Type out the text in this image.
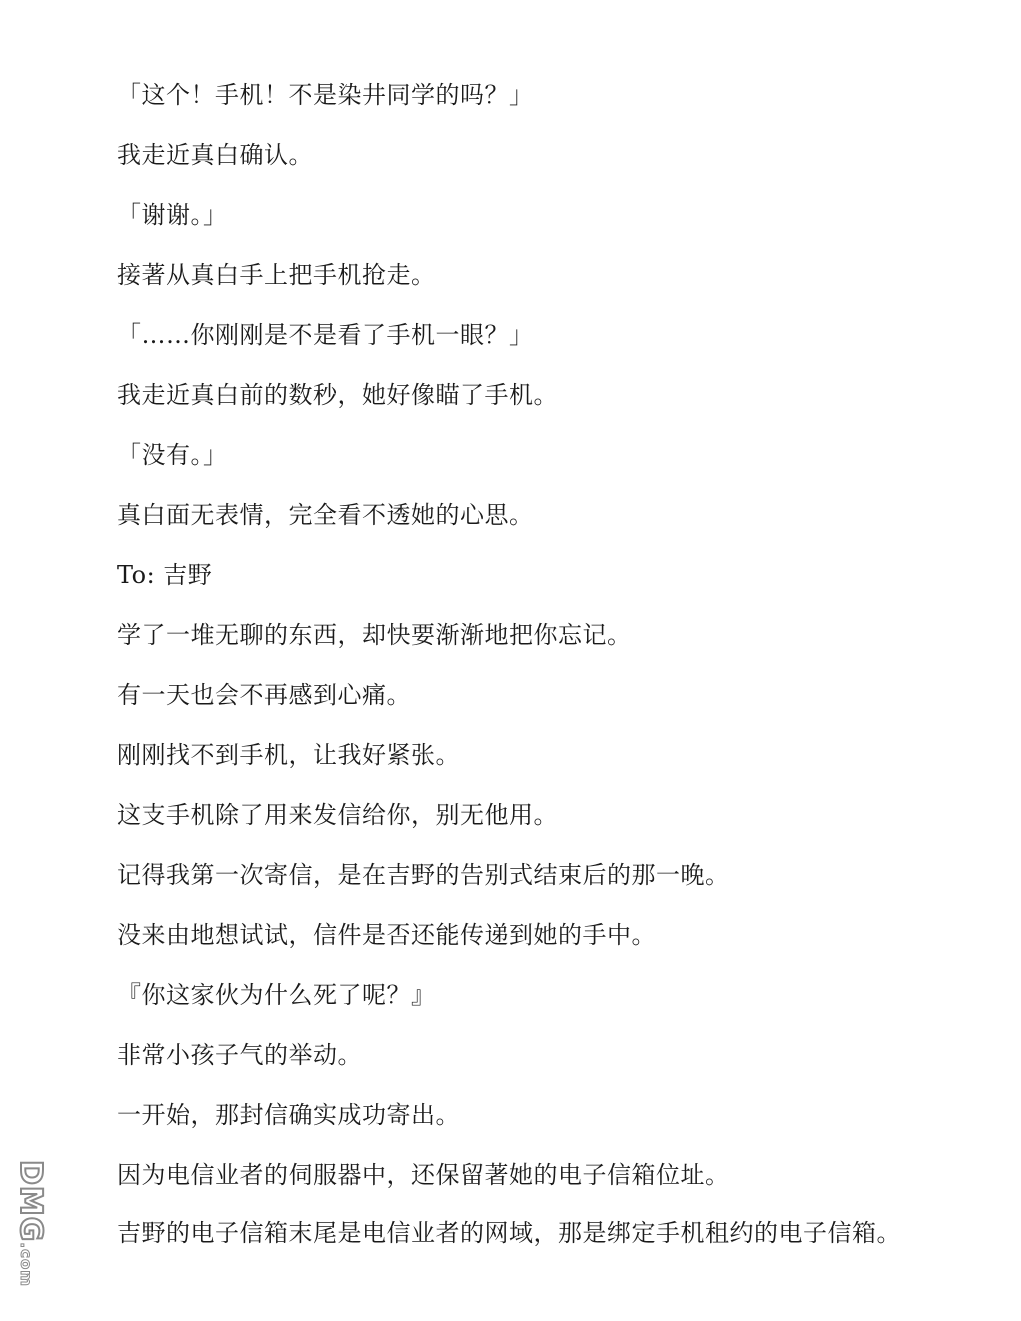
「这个！手机！不是染井同学的吗？」
我走近真白确认。
「谢谢。」
接著从真白手上把手机抢走。
「……你刚刚是不是看了手机一眼？」
我走近真白前的数秒，她好像瞄了手机。
「没有。」
真白面无表情，完全看不透她的心思。
To: 吉野
学了一堆无聊的东西，却快要渐渐地把你忘记。
有一天也会不再感到心痛。
刚刚找不到手机，让我好紧张。
这支手机除了用来发信给你，别无他用。
记得我第一次寄信，是在吉野的告别式结束后的那一晚。
没来由地想试试，信件是否还能传递到她的手中。
『你这家伙为什么死了呢？』
非常小孩子气的举动。
一开始，那封信确实成功寄出。
因为电信业者的伺服器中，还保留著她的电子信箱位址。
吉野的电子信箱末尾是电信业者的网域，那是绑定手机租约的电子信箱。
DMG.com
